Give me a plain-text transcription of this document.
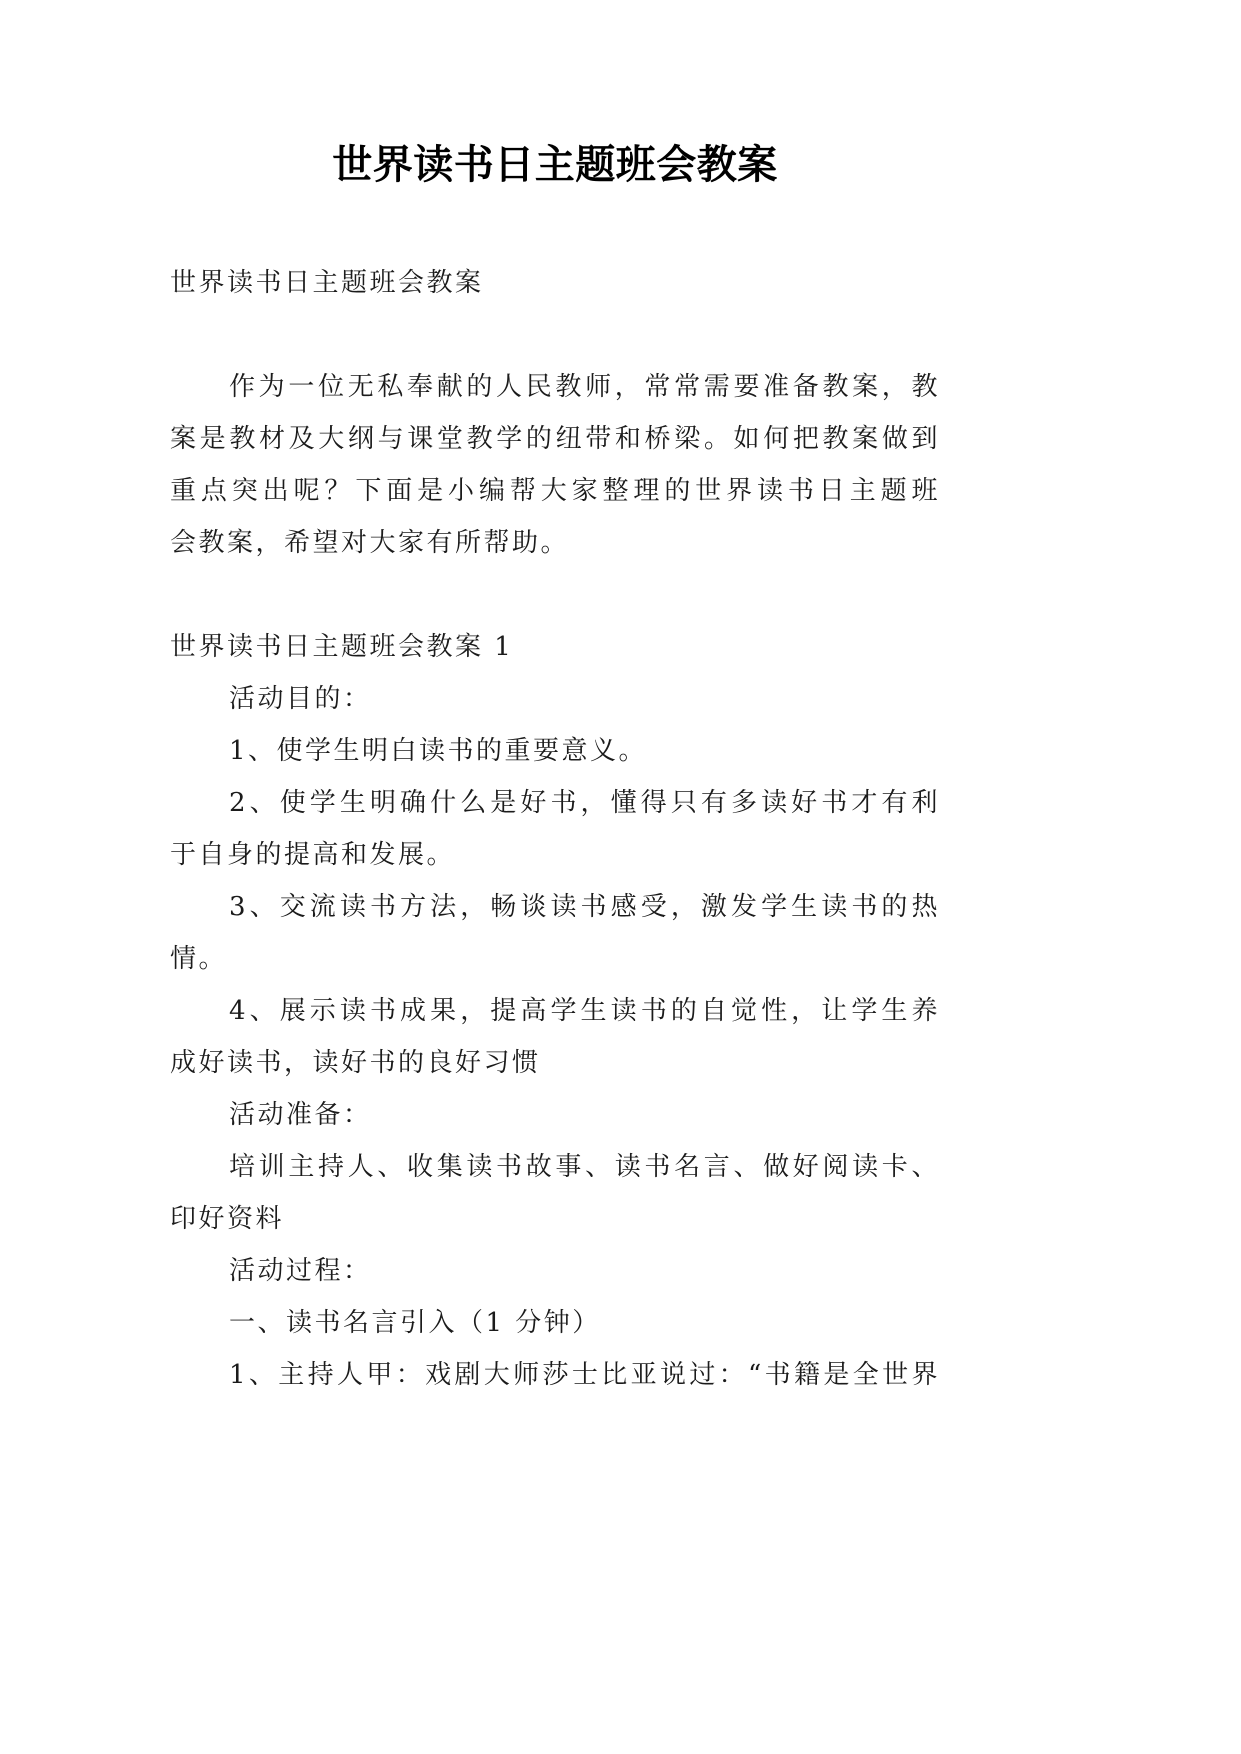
世界读书日主题班会教案
世界读书日主题班会教案
作为一位无私奉献的人民教师，常常需要准备教案，教
案是教材及大纲与课堂教学的纽带和桥梁。如何把教案做到
重点突出呢？下面是小编帮大家整理的世界读书日主题班
会教案，希望对大家有所帮助。
世界读书日主题班会教案 1
活动目的：
1、使学生明白读书的重要意义。
2、使学生明确什么是好书，懂得只有多读好书才有利
于自身的提高和发展。
3、交流读书方法，畅谈读书感受，激发学生读书的热
情。
4、展示读书成果，提高学生读书的自觉性，让学生养
成好读书，读好书的良好习惯
活动准备：
培训主持人、收集读书故事、读书名言、做好阅读卡、
印好资料
活动过程：
一、读书名言引入（1 分钟）
1、主持人甲：戏剧大师莎士比亚说过：“书籍是全世界
